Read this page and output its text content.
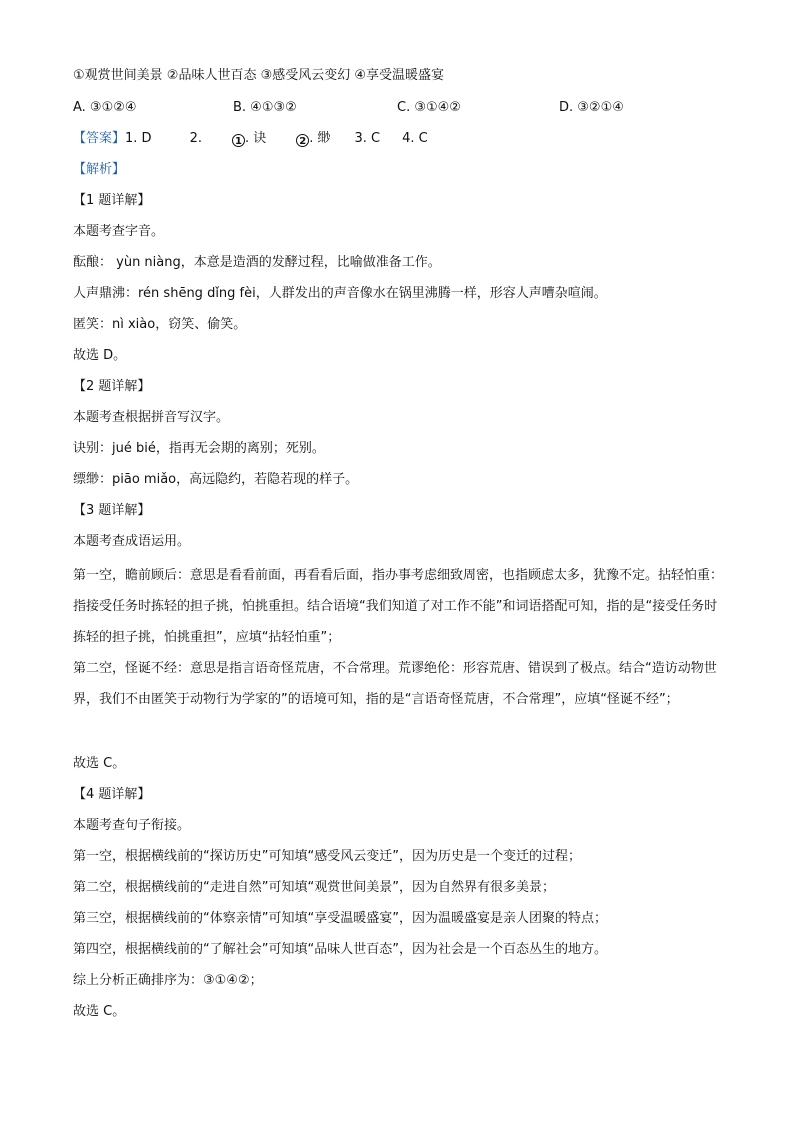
①观赏世间美景 ②品味人世百态 ③感受风云变幻 ④享受温暖盛宴
A. ③①②④	B. ④①③②	C. ③①④②	D. ③②①④
【答案】1. D	2.	1 . 诀	2 . 缈 3. C 4. C
【解析】
【1 题详解】
本题考查字音。
酝酿： yùn niàng，本意是造酒的发酵过程，比喻做准备工作。
人声鼎沸：rén shēng dǐng fèi，人群发出的声音像水在锅里沸腾一样，形容人声嘈杂喧闹。
匿笑：nì xiào，窃笑、偷笑。
故选 D。
【2 题详解】
本题考查根据拼音写汉字。
诀别：jué bié，指再无会期的离别；死别。
缥缈：piāo miǎo，高远隐约，若隐若现的样子。
【3 题详解】
本题考查成语运用。
第一空，瞻前顾后：意思是看看前面，再看看后面，指办事考虑细致周密，也指顾虑太多，犹豫不定。拈轻怕重：指接受任务时拣轻的担子挑，怕挑重担。结合语境“我们知道了对工作不能”和词语搭配可知，指的是“接受任务时拣轻的担子挑，怕挑重担”，应填“拈轻怕重”；
第二空，怪诞不经：意思是指言语奇怪荒唐，不合常理。荒谬绝伦：形容荒唐、错误到了极点。结合“造访动物世界，我们不由匿笑于动物行为学家的”的语境可知，指的是“言语奇怪荒唐，不合常理”，应填“怪诞不经”；
故选 C。
【4 题详解】
本题考查句子衔接。
第一空，根据横线前的“探访历史”可知填“感受风云变迁”，因为历史是一个变迁的过程；
第二空，根据横线前的“走进自然”可知填“观赏世间美景”，因为自然界有很多美景；
第三空，根据横线前的“体察亲情”可知填“享受温暖盛宴”，因为温暖盛宴是亲人团聚的特点；
第四空，根据横线前的“了解社会”可知填“品味人世百态”，因为社会是一个百态丛生的地方。
综上分析正确排序为：③①④②；
故选 C。
